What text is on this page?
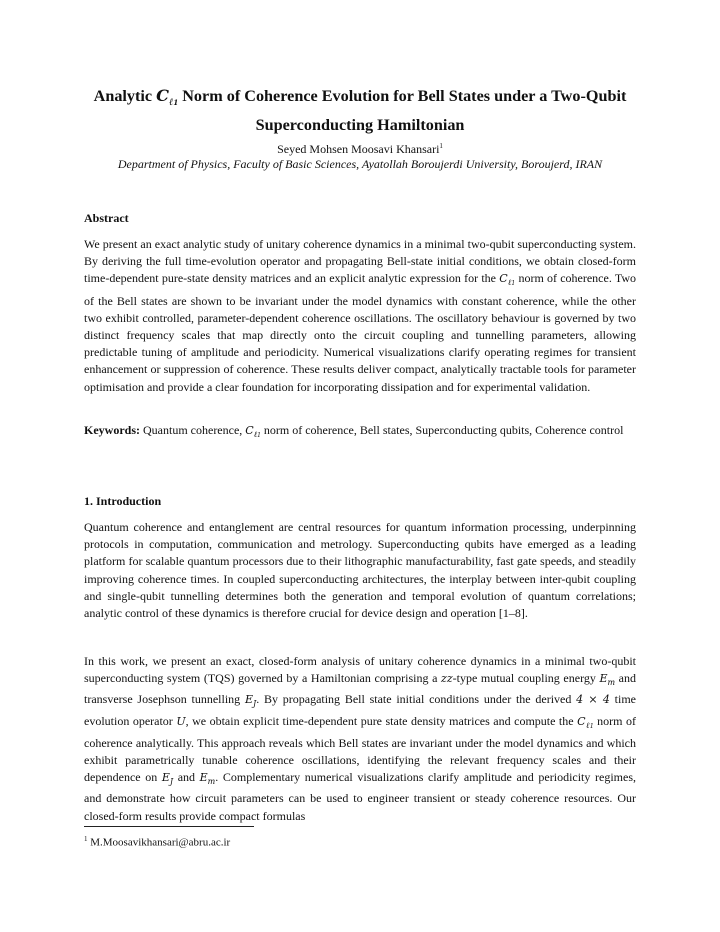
Analytic $C_{\ell 1}$ Norm of Coherence Evolution for Bell States under a Two-Qubit Superconducting Hamiltonian
Seyed Mohsen Moosavi Khansari$^1$
Department of Physics, Faculty of Basic Sciences, Ayatollah Boroujerdi University, Boroujerd, IRAN
Abstract
We present an exact analytic study of unitary coherence dynamics in a minimal two-qubit superconducting system. By deriving the full time-evolution operator and propagating Bell-state initial conditions, we obtain closed-form time-dependent pure-state density matrices and an explicit analytic expression for the $C_{\ell 1}$ norm of coherence. Two of the Bell states are shown to be invariant under the model dynamics with constant coherence, while the other two exhibit controlled, parameter-dependent coherence oscillations. The oscillatory behaviour is governed by two distinct frequency scales that map directly onto the circuit coupling and tunnelling parameters, allowing predictable tuning of amplitude and periodicity. Numerical visualizations clarify operating regimes for transient enhancement or suppression of coherence. These results deliver compact, analytically tractable tools for parameter optimisation and provide a clear foundation for incorporating dissipation and for experimental validation.
Keywords: Quantum coherence, $C_{\ell 1}$ norm of coherence, Bell states, Superconducting qubits, Coherence control
1. Introduction
Quantum coherence and entanglement are central resources for quantum information processing, underpinning protocols in computation, communication and metrology. Superconducting qubits have emerged as a leading platform for scalable quantum processors due to their lithographic manufacturability, fast gate speeds, and steadily improving coherence times. In coupled superconducting architectures, the interplay between inter-qubit coupling and single-qubit tunnelling determines both the generation and temporal evolution of quantum correlations; analytic control of these dynamics is therefore crucial for device design and operation [1–8].
In this work, we present an exact, closed-form analysis of unitary coherence dynamics in a minimal two-qubit superconducting system (TQS) governed by a Hamiltonian comprising a zz-type mutual coupling energy $E_m$ and transverse Josephson tunnelling $E_J$. By propagating Bell state initial conditions under the derived 4 × 4 time evolution operator U, we obtain explicit time-dependent pure state density matrices and compute the $C_{\ell 1}$ norm of coherence analytically. This approach reveals which Bell states are invariant under the model dynamics and which exhibit parametrically tunable coherence oscillations, identifying the relevant frequency scales and their dependence on $E_J$ and $E_m$. Complementary numerical visualizations clarify amplitude and periodicity regimes, and demonstrate how circuit parameters can be used to engineer transient or steady coherence resources. Our closed-form results provide compact formulas
$^1$ M.Moosavikhansari@abru.ac.ir
